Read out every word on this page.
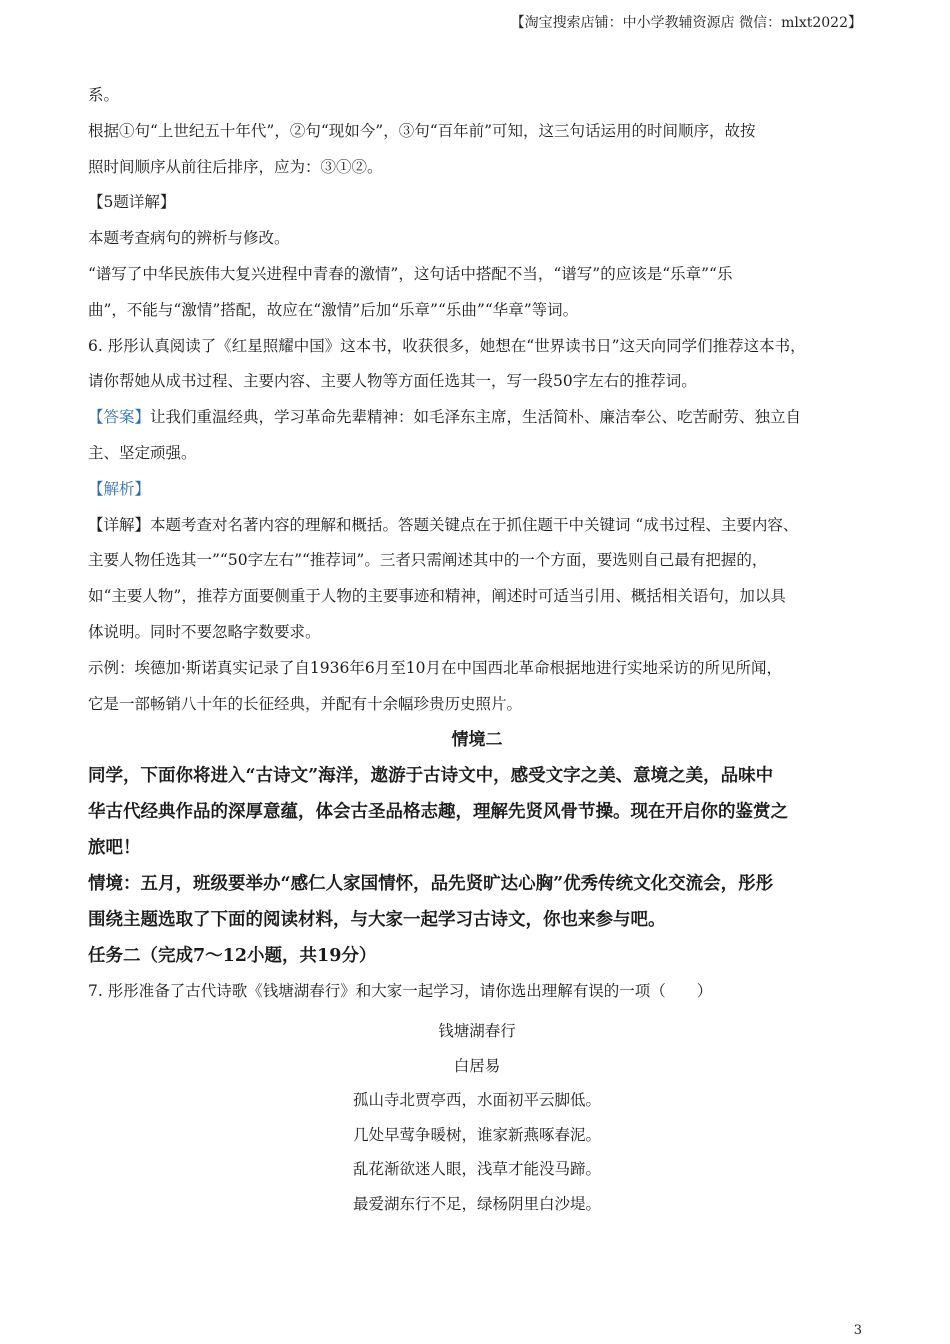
【淘宝搜索店铺：中小学教辅资源店 微信：mlxt2022】
系。
根据①句“上世纪五十年代”，②句“现如今”，③句“百年前”可知，这三句话运用的时间顺序，故按
照时间顺序从前往后排序，应为：③①②。
【5题详解】
本题考查病句的辨析与修改。
“谱写了中华民族伟大复兴进程中青春的激情”，这句话中搭配不当，“谱写”的应该是“乐章”“乐
曲”，不能与“激情”搭配，故应在“激情”后加“乐章”“乐曲”“华章”等词。
6. 彤彤认真阅读了《红星照耀中国》这本书，收获很多，她想在“世界读书日”这天向同学们推荐这本书，
请你帮她从成书过程、主要内容、主要人物等方面任选其一，写一段50字左右的推荐词。
【答案】让我们重温经典，学习革命先辈精神：如毛泽东主席，生活简朴、廉洁奉公、吃苦耐劳、独立自
主、坚定顽强。
【解析】
【详解】本题考查对名著内容的理解和概括。答题关键点在于抓住题干中关键词 “成书过程、主要内容、
主要人物任选其一”“50字左右”“推荐词”。三者只需阐述其中的一个方面，要选则自己最有把握的，
如“主要人物”，推荐方面要侧重于人物的主要事迹和精神，阐述时可适当引用、概括相关语句，加以具
体说明。同时不要忽略字数要求。
示例：埃德加·斯诺真实记录了自1936年6月至10月在中国西北革命根据地进行实地采访的所见所闻，
它是一部畅销八十年的长征经典，并配有十余幅珍贵历史照片。
情境二
同学，下面你将进入“古诗文”海洋，遨游于古诗文中，感受文字之美、意境之美，品味中
华古代经典作品的深厚意蕴，体会古圣品格志趣，理解先贤风骨节操。现在开启你的鉴赏之
旅吧！
情境：五月，班级要举办“感仁人家国情怀，品先贤旷达心胸”优秀传统文化交流会，彤彤
围绕主题选取了下面的阅读材料，与大家一起学习古诗文，你也来参与吧。
任务二（完成7～12小题，共19分）
7. 彤彤准备了古代诗歌《钱塘湖春行》和大家一起学习，请你选出理解有误的一项（　　）
钱塘湖春行
白居易
孤山寺北贾亭西，水面初平云脚低。
几处早莺争暖树，谁家新燕啄春泥。
乱花渐欲迷人眼，浅草才能没马蹄。
最爱湖东行不足，绿杨阴里白沙堤。
3
